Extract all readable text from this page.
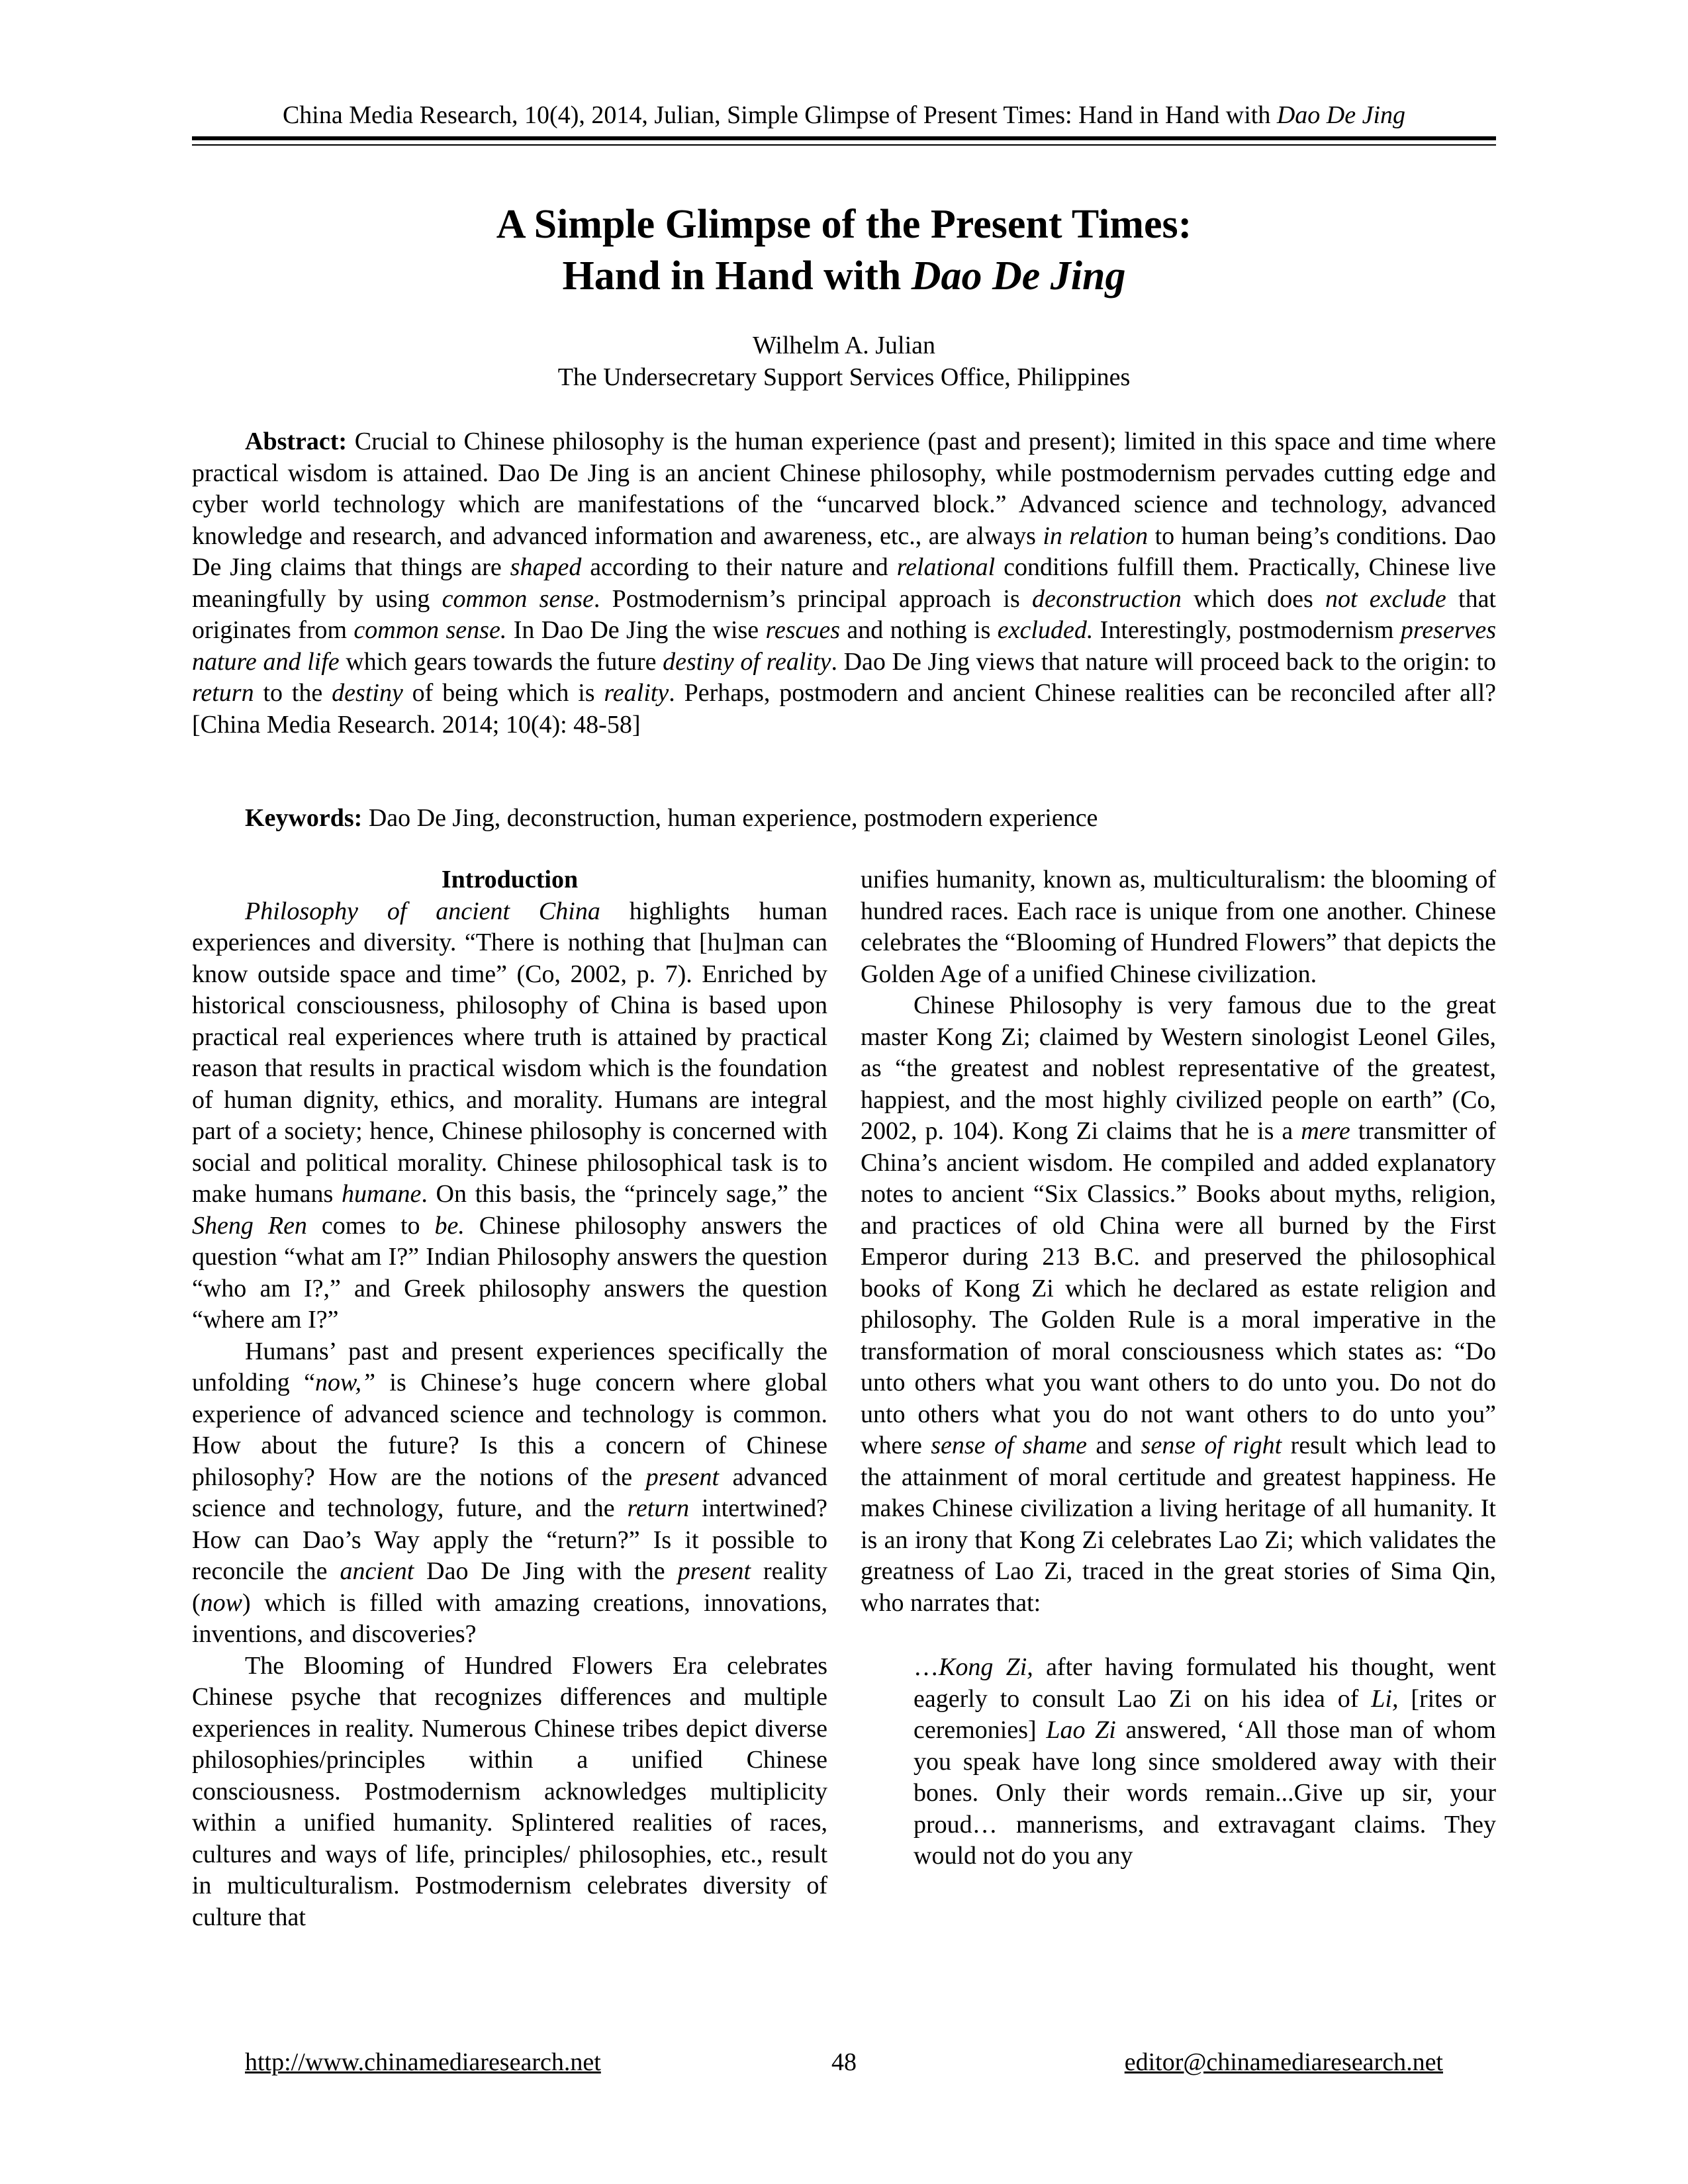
China Media Research, 10(4), 2014, Julian, Simple Glimpse of Present Times: Hand in Hand with Dao De Jing
A Simple Glimpse of the Present Times:
Hand in Hand with Dao De Jing
Wilhelm A. Julian
The Undersecretary Support Services Office, Philippines

Abstract: Crucial to Chinese philosophy is the human experience (past and present); limited in this space and time where practical wisdom is attained. Dao De Jing is an ancient Chinese philosophy, while postmodernism pervades cutting edge and cyber world technology which are manifestations of the “uncarved block.” Advanced science and technology, advanced knowledge and research, and advanced information and awareness, etc., are always in relation to human being’s conditions. Dao De Jing claims that things are shaped according to their nature and relational conditions fulfill them. Practically, Chinese live meaningfully by using common sense. Postmodernism’s principal approach is deconstruction which does not exclude that originates from common sense. In Dao De Jing the wise rescues and nothing is excluded. Interestingly, postmodernism preserves nature and life which gears towards the future destiny of reality. Dao De Jing views that nature will proceed back to the origin: to return to the destiny of being which is reality. Perhaps, postmodern and ancient Chinese realities can be reconciled after all? [China Media Research. 2014; 10(4): 48-58]

Keywords: Dao De Jing, deconstruction, human experience, postmodern experience

Introduction

Philosophy of ancient China highlights human experiences and diversity. “There is nothing that [hu]man can know outside space and time” (Co, 2002, p. 7). Enriched by historical consciousness, philosophy of China is based upon practical real experiences where truth is attained by practical reason that results in practical wisdom which is the foundation of human dignity, ethics, and morality. Humans are integral part of a society; hence, Chinese philosophy is concerned with social and political morality. Chinese philosophical task is to make humans humane. On this basis, the “princely sage,” the Sheng Ren comes to be. Chinese philosophy answers the question “what am I?” Indian Philosophy answers the question “who am I?,” and Greek philosophy answers the question “where am I?”

Humans’ past and present experiences specifically the unfolding “now,” is Chinese’s huge concern where global experience of advanced science and technology is common. How about the future? Is this a concern of Chinese philosophy? How are the notions of the present advanced science and technology, future, and the return intertwined? How can Dao’s Way apply the “return?” Is it possible to reconcile the ancient Dao De Jing with the present reality (now) which is filled with amazing creations, innovations, inventions, and discoveries?

The Blooming of Hundred Flowers Era celebrates Chinese psyche that recognizes differences and multiple experiences in reality. Numerous Chinese tribes depict diverse philosophies/principles within a unified Chinese consciousness. Postmodernism acknowledges multiplicity within a unified humanity. Splintered realities of races, cultures and ways of life, principles/ philosophies, etc., result in multiculturalism. Postmodernism celebrates diversity of culture that

unifies humanity, known as, multiculturalism: the blooming of hundred races. Each race is unique from one another. Chinese celebrates the “Blooming of Hundred Flowers” that depicts the Golden Age of a unified Chinese civilization.

Chinese Philosophy is very famous due to the great master Kong Zi; claimed by Western sinologist Leonel Giles, as “the greatest and noblest representative of the greatest, happiest, and the most highly civilized people on earth” (Co, 2002, p. 104). Kong Zi claims that he is a mere transmitter of China’s ancient wisdom. He compiled and added explanatory notes to ancient “Six Classics.” Books about myths, religion, and practices of old China were all burned by the First Emperor during 213 B.C. and preserved the philosophical books of Kong Zi which he declared as estate religion and philosophy. The Golden Rule is a moral imperative in the transformation of moral consciousness which states as: “Do unto others what you want others to do unto you. Do not do unto others what you do not want others to do unto you” where sense of shame and sense of right result which lead to the attainment of moral certitude and greatest happiness. He makes Chinese civilization a living heritage of all humanity. It is an irony that Kong Zi celebrates Lao Zi; which validates the greatness of Lao Zi, traced in the great stories of Sima Qin, who narrates that:

…Kong Zi, after having formulated his thought, went eagerly to consult Lao Zi on his idea of Li, [rites or ceremonies] Lao Zi answered, ‘All those man of whom you speak have long since smoldered away with their bones. Only their words remain...Give up sir, your proud… mannerisms, and extravagant claims. They would not do you any
http://www.chinamediaresearch.net	48	editor@chinamediaresearch.net
